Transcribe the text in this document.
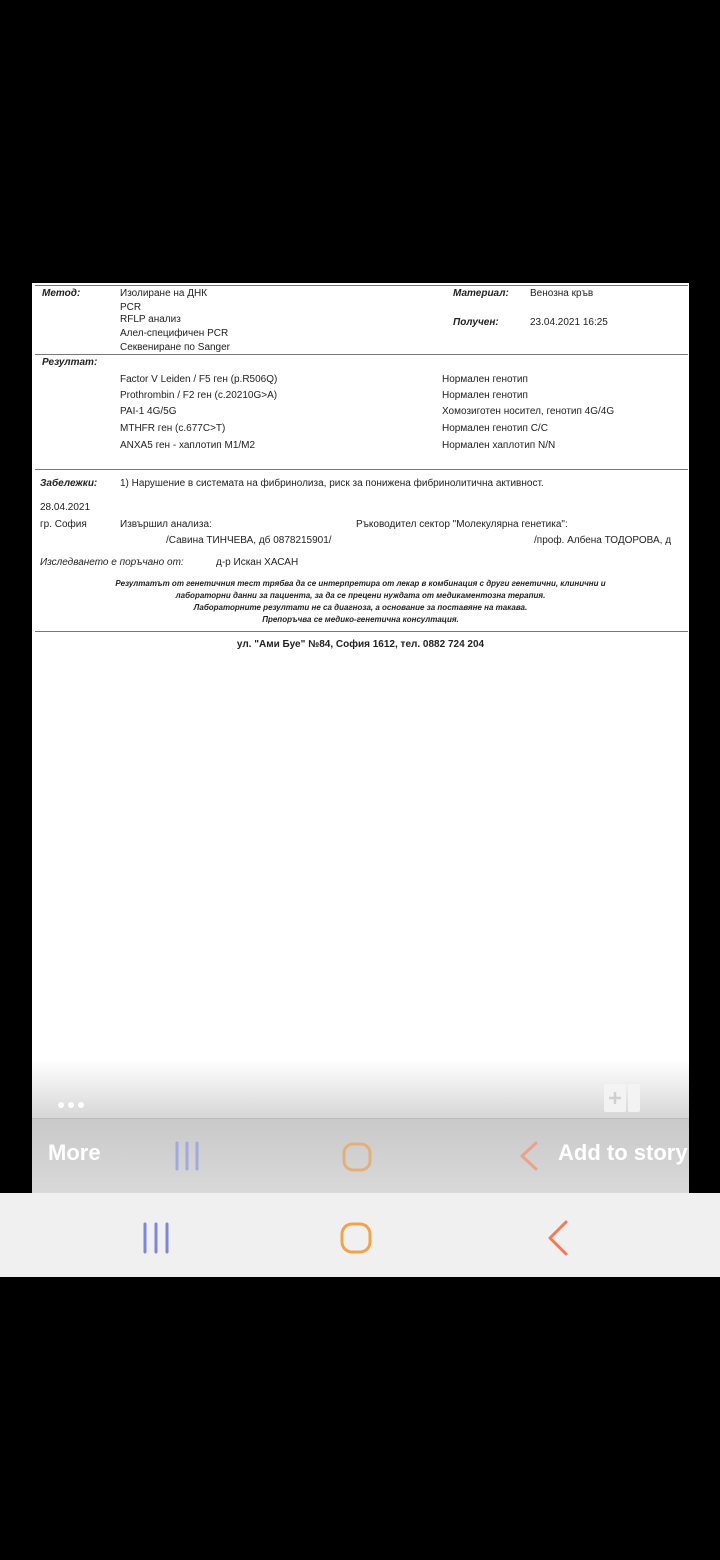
Метод:	Изолиране на ДНК
PCR
RFLP анализ
Алел-специфичен PCR
Секвениране по Sanger
Материал: Венозна кръв
Получен:	23.04.2021 16:25
Резултат:
Factor V Leiden / F5 ген (p.R506Q)	Нормален генотип
Prothrombin / F2 ген (c.20210G>A)	Нормален генотип
PAI-1 4G/5G	Хомозиготен носител, генотип 4G/4G
MTHFR ген (c.677C>T)	Нормален генотип C/C
ANXA5 ген - хаплотип M1/M2	Нормален хаплотип N/N
Забележки: 1) Нарушение в системата на фибринолиза, риск за понижена фибринолитична активност.
28.04.2021
гр. София	Извършил анализа:	Ръководител сектор "Молекулярна генетика":
/Савина ТИНЧЕВА, дб 0878215901/	/проф. Албена ТОДОРОВА, д
Изследването е поръчано от:	д-р Искан ХАСАН
Резултатът от генетичния тест трябва да се интерпретира от лекар в комбинация с други генетични, клинични и
лабораторни данни за пациента, за да се прецени нуждата от медикаментозна терапия.
Лабораторните резултати не са диагноза, а основание за поставяне на такава.
Препоръчва се медико-генетична консултация.
ул. "Ами Буе" №84, София 1612, тел. 0882 724 204
More	Add to story
